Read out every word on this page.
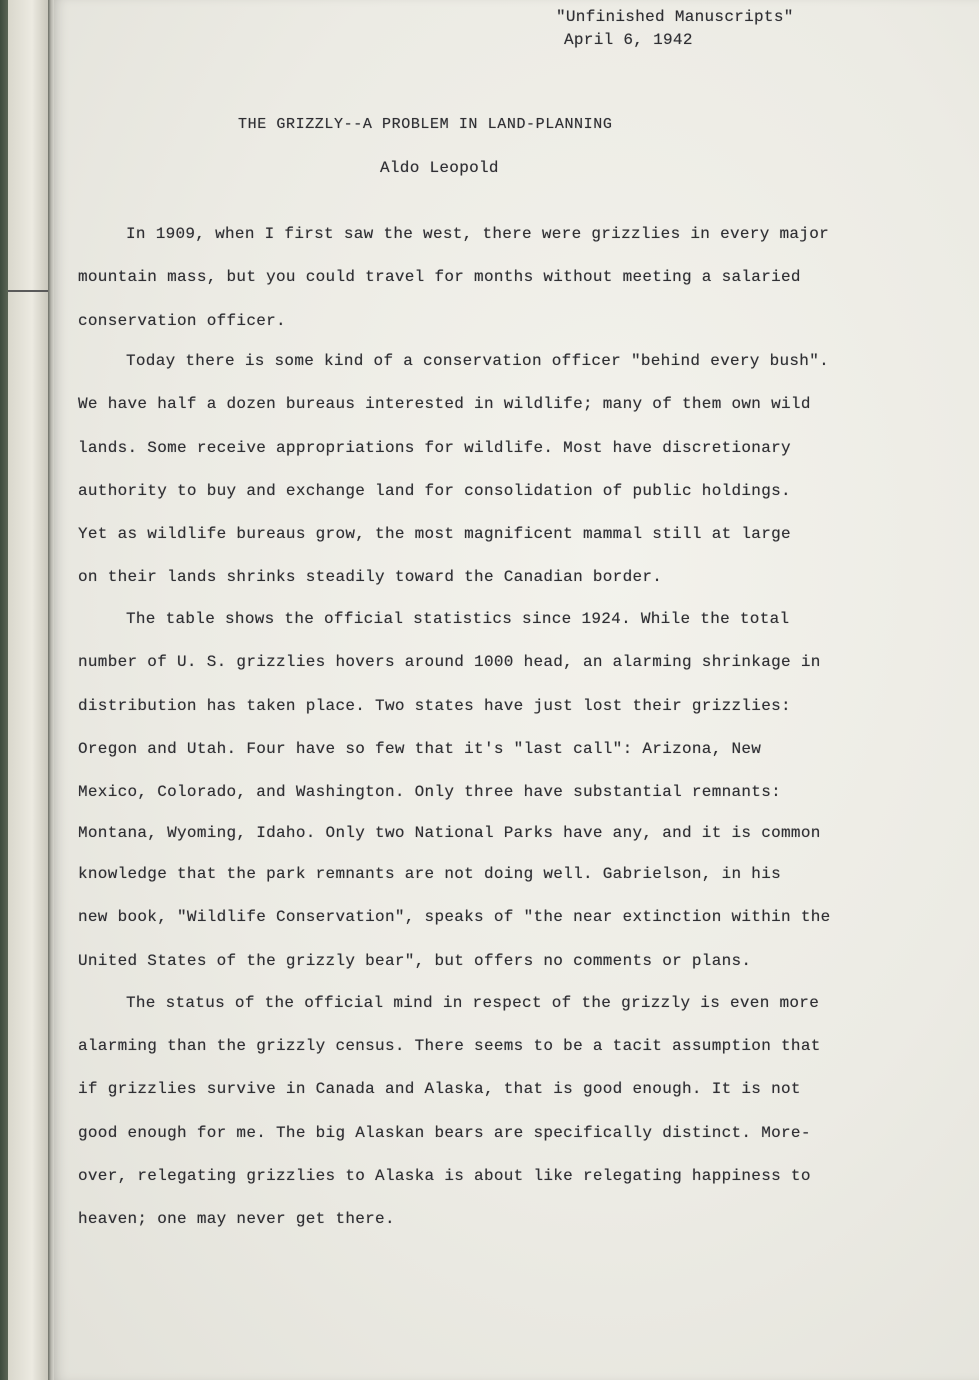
"Unfinished Manuscripts"
April 6, 1942
THE GRIZZLY--A PROBLEM IN LAND-PLANNING
Aldo Leopold
In 1909, when I first saw the west, there were grizzlies in every major
mountain mass, but you could travel for months without meeting a salaried
conservation officer.
Today there is some kind of a conservation officer "behind every bush".
We have half a dozen bureaus interested in wildlife; many of them own wild
lands. Some receive appropriations for wildlife. Most have discretionary
authority to buy and exchange land for consolidation of public holdings.
Yet as wildlife bureaus grow, the most magnificent mammal still at large
on their lands shrinks steadily toward the Canadian border.
The table shows the official statistics since 1924. While the total
number of U. S. grizzlies hovers around 1000 head, an alarming shrinkage in
distribution has taken place. Two states have just lost their grizzlies:
Oregon and Utah. Four have so few that it's "last call": Arizona, New
Mexico, Colorado, and Washington. Only three have substantial remnants:
Montana, Wyoming, Idaho. Only two National Parks have any, and it is common
knowledge that the park remnants are not doing well. Gabrielson, in his
new book, "Wildlife Conservation", speaks of "the near extinction within the
United States of the grizzly bear", but offers no comments or plans.
The status of the official mind in respect of the grizzly is even more
alarming than the grizzly census. There seems to be a tacit assumption that
if grizzlies survive in Canada and Alaska, that is good enough. It is not
good enough for me. The big Alaskan bears are specifically distinct. More-
over, relegating grizzlies to Alaska is about like relegating happiness to
heaven; one may never get there.
